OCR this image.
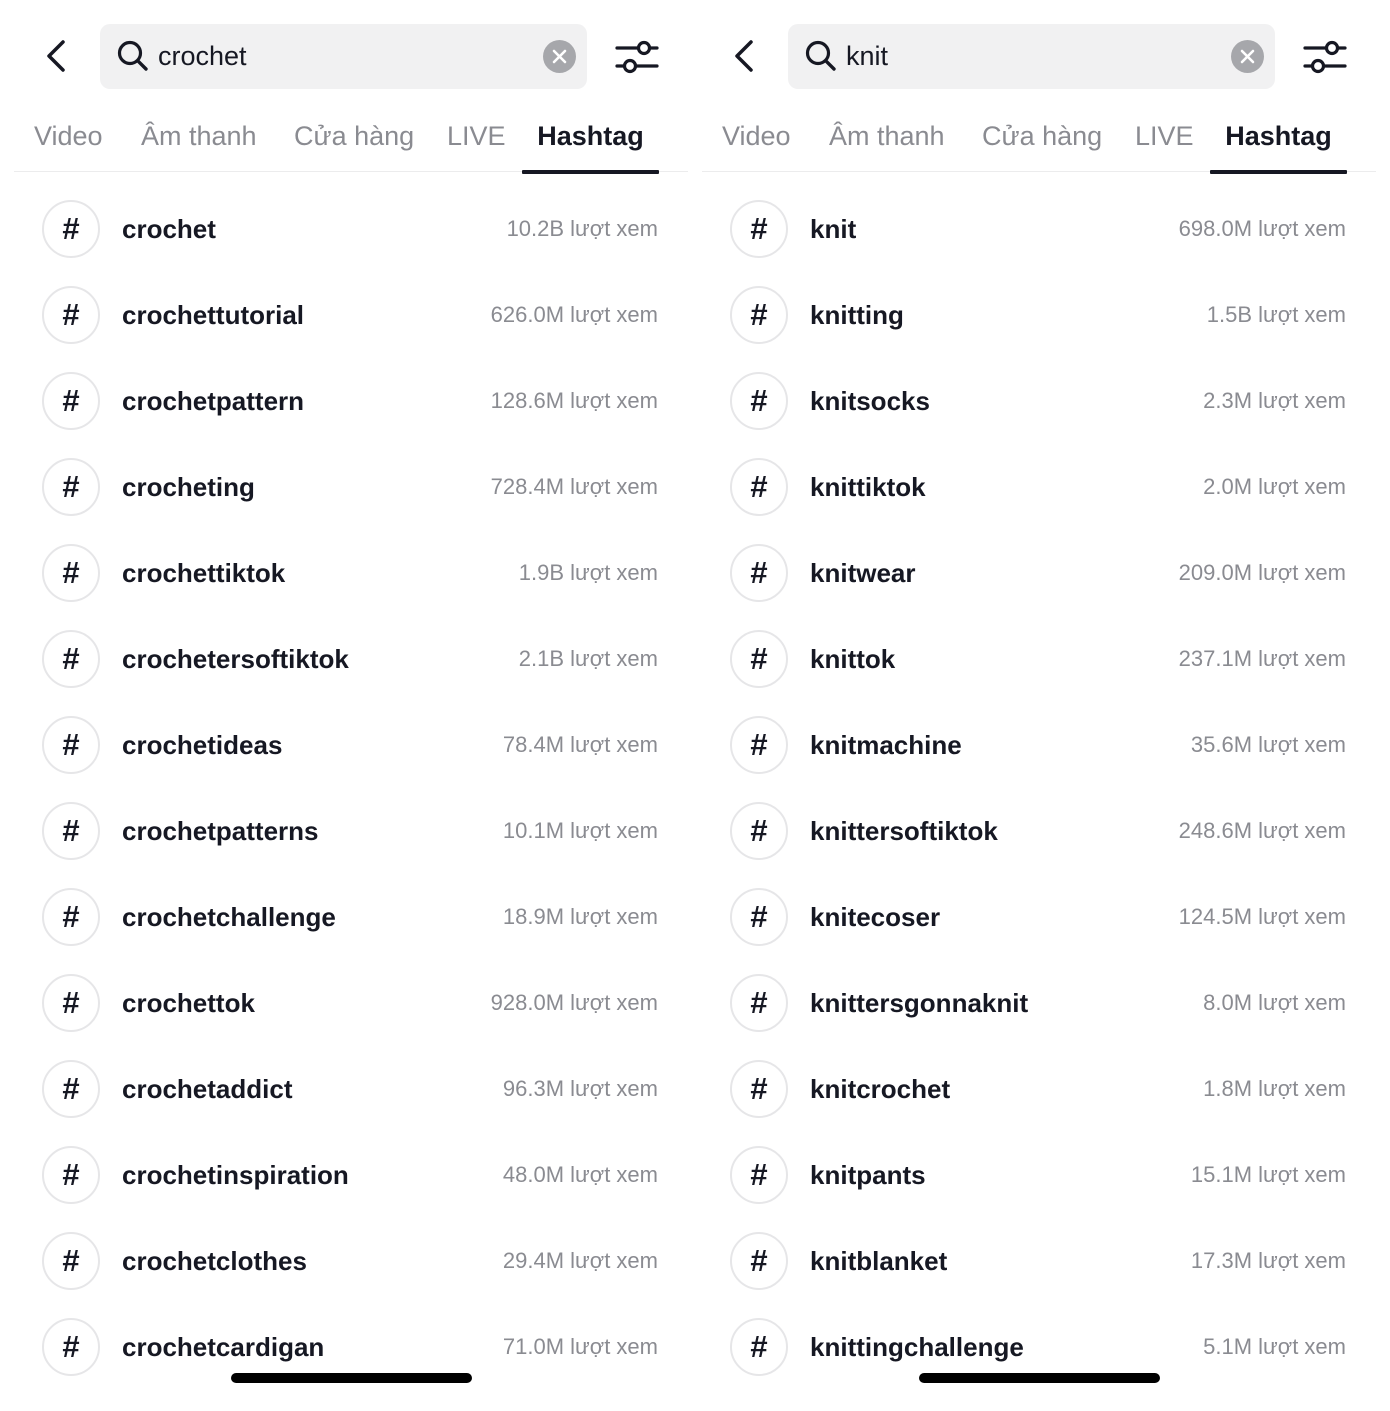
crochet
Video Âm thanh Cửa hàng LIVE	Hashtag
#	crochet	10.2B lượt xem
#	crochettutorial	626.0M lượt xem
#	crochetpattern	128.6M lượt xem
#	crocheting	728.4M lượt xem
#	crochettiktok	1.9B lượt xem
#	crochetersoftiktok	2.1B lượt xem
#	crochetideas	78.4M lượt xem
#	crochetpatterns	10.1M lượt xem
#	crochetchallenge	18.9M lượt xem
#	crochettok	928.0M lượt xem
#	crochetaddict	96.3M lượt xem
#	crochetinspiration	48.0M lượt xem
#	crochetclothes	29.4M lượt xem
#	crochetcardigan	71.0M lượt xem
knit
Video Âm thanh Cửa hàng LIVE	Hashtag
#	knit	698.0M lượt xem
#	knitting	1.5B lượt xem
#	knitsocks	2.3M lượt xem
#	knittiktok	2.0M lượt xem
#	knitwear	209.0M lượt xem
#	knittok	237.1M lượt xem
#	knitmachine	35.6M lượt xem
#	knittersoftiktok	248.6M lượt xem
#	knitecoser	124.5M lượt xem
#	knittersgonnaknit	8.0M lượt xem
#	knitcrochet	1.8M lượt xem
#	knitpants	15.1M lượt xem
#	knitblanket	17.3M lượt xem
#	knittingchallenge	5.1M lượt xem
